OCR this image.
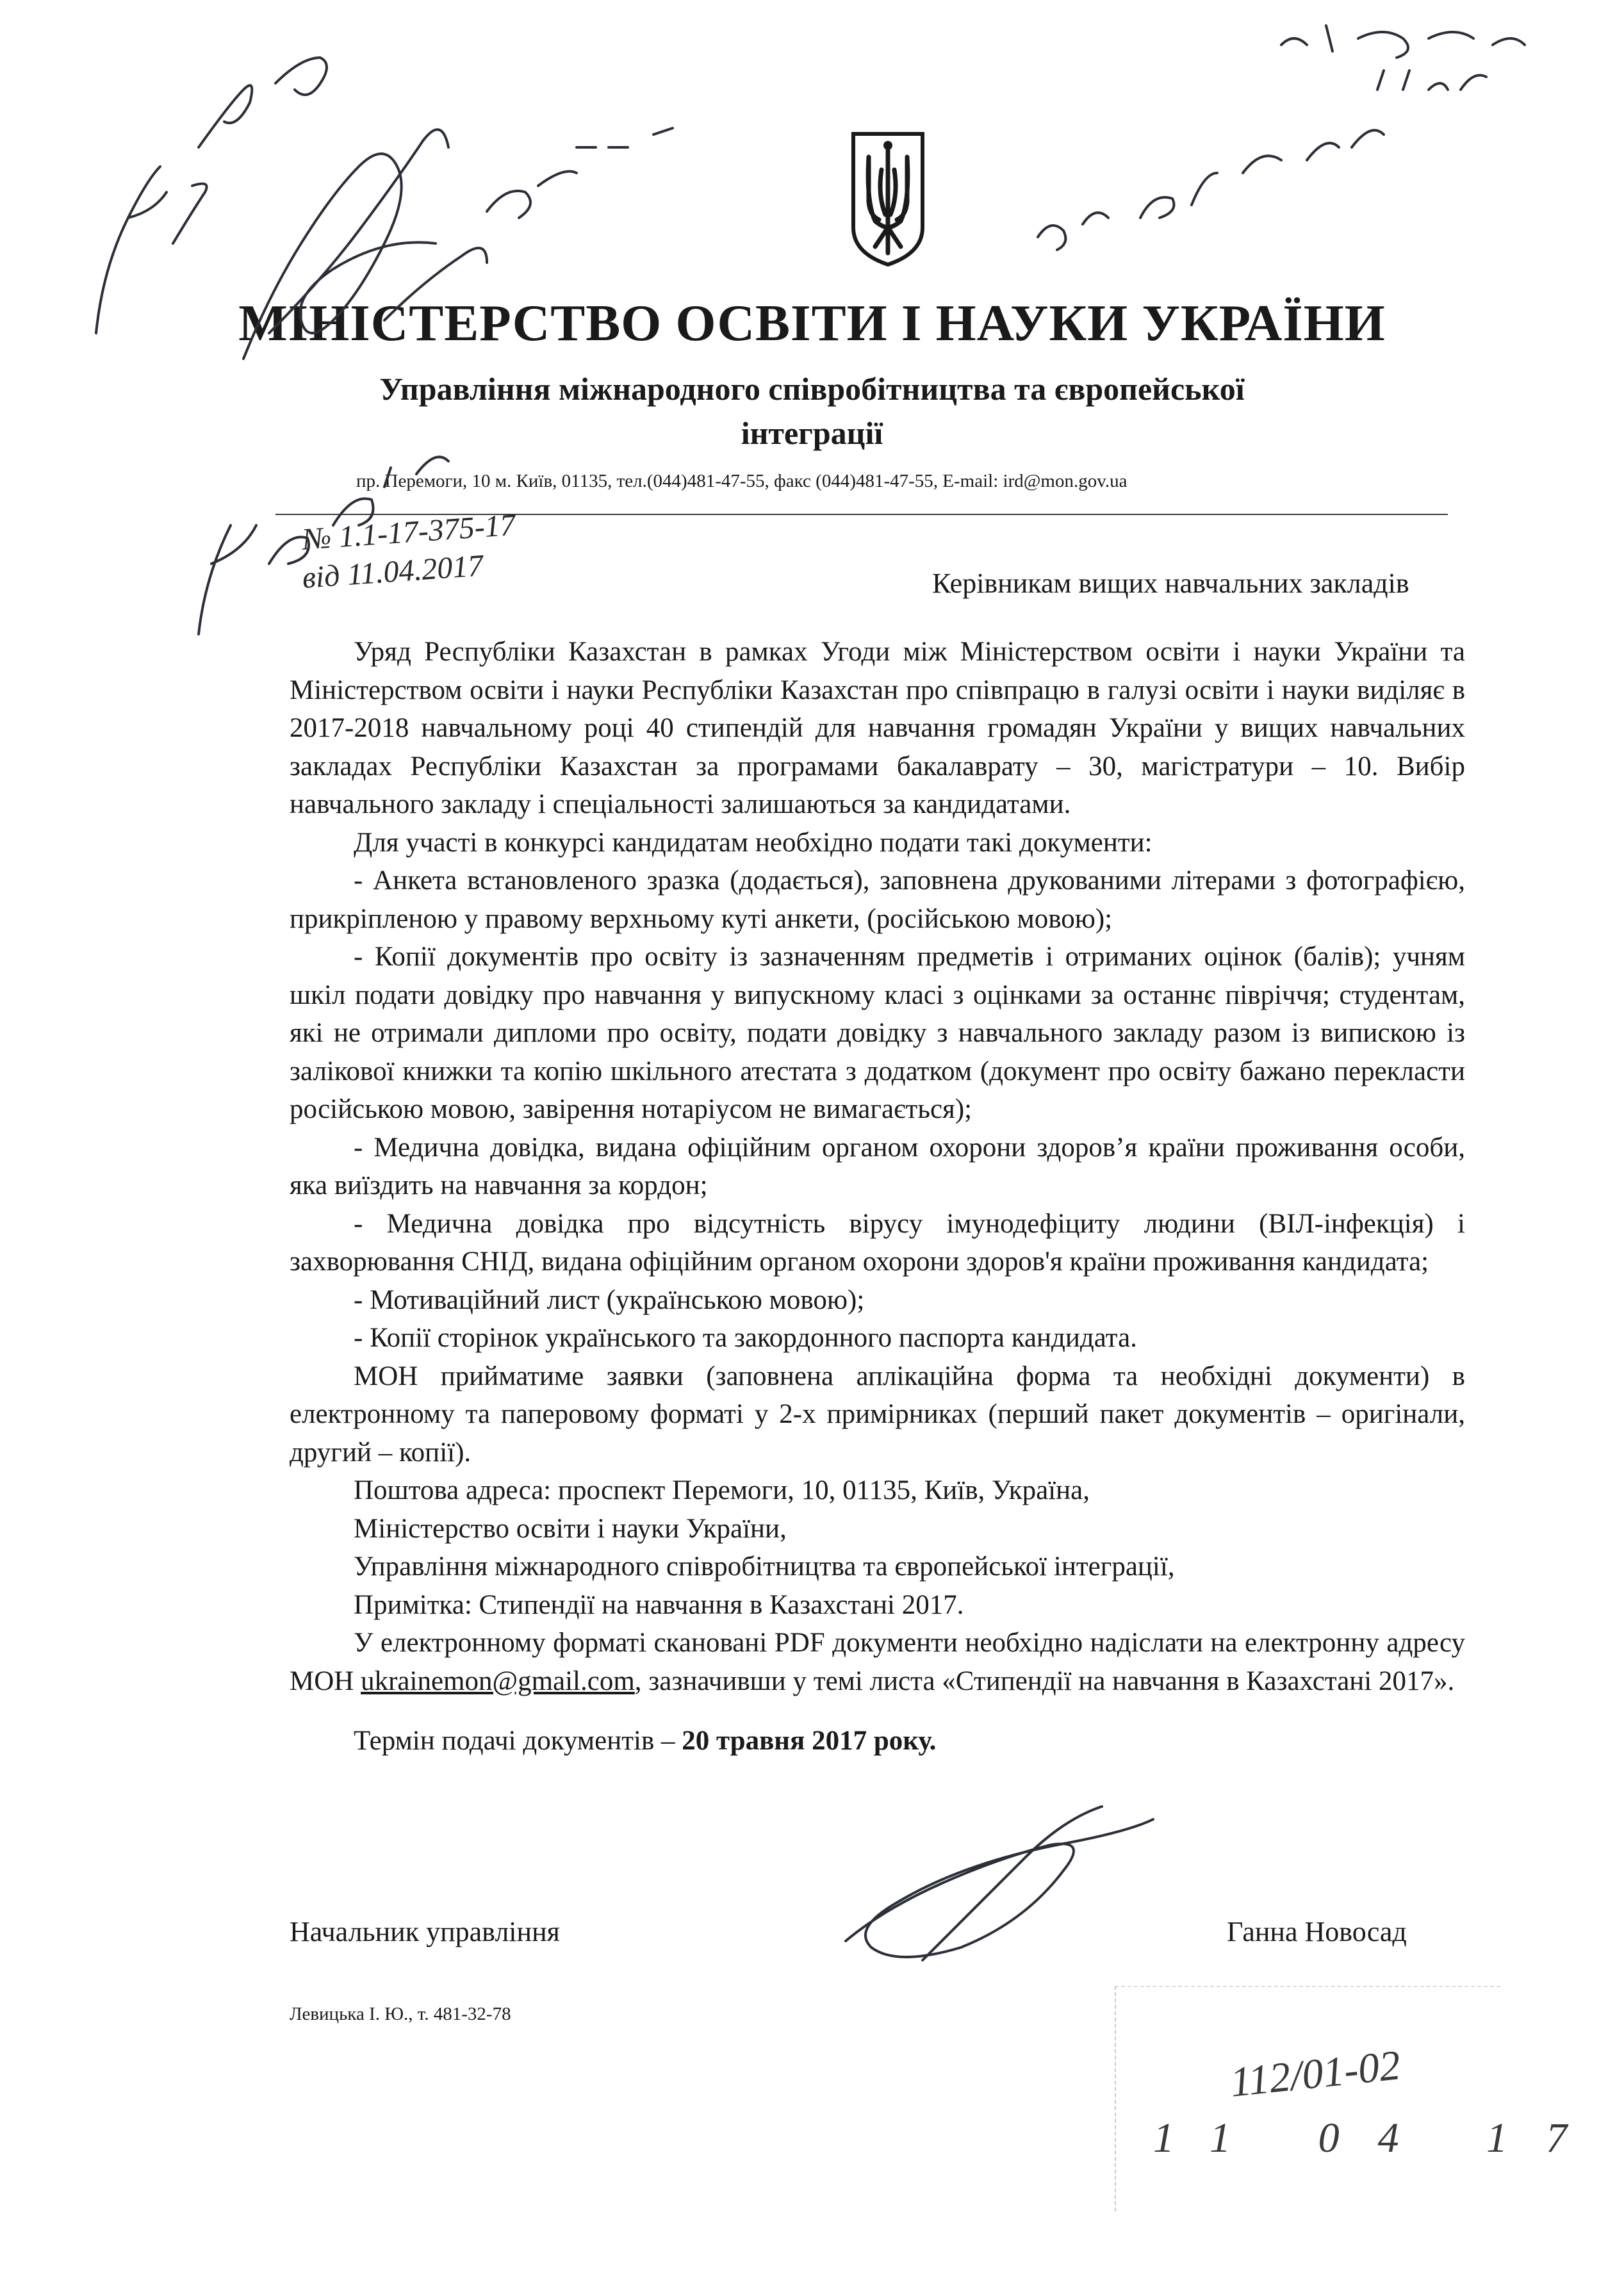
МІНІСТЕРСТВО ОСВІТИ І НАУКИ УКРАЇНИ
Управління міжнародного співробітництва та європейської
інтеграції
пр. Перемоги, 10 м. Київ, 01135, тел.(044)481-47-55, факс (044)481-47-55, E-mail: ird@mon.gov.ua
№ 1.1-17-375-17
від 11.04.2017	Керівникам вищих навчальних закладів

Уряд Республіки Казахстан в рамках Угоди між Міністерством освіти і науки України та Міністерством освіти і науки Республіки Казахстан про співпрацю в галузі освіти і науки виділяє в 2017-2018 навчальному році 40 стипендій для навчання громадян України у вищих навчальних закладах Республіки Казахстан за програмами бакалаврату – 30, магістратури – 10. Вибір навчального закладу і спеціальності залишаються за кандидатами.

Для участі в конкурсі кандидатам необхідно подати такі документи:

- Анкета встановленого зразка (додається), заповнена друкованими літерами з фотографією, прикріпленою у правому верхньому куті анкети, (російською мовою);

- Копії документів про освіту із зазначенням предметів і отриманих оцінок (балів); учням шкіл подати довідку про навчання у випускному класі з оцінками за останнє півріччя; студентам, які не отримали дипломи про освіту, подати довідку з навчального закладу разом із випискою із залікової книжки та копію шкільного атестата з додатком (документ про освіту бажано перекласти російською мовою, завірення нотаріусом не вимагається);

- Медична довідка, видана офіційним органом охорони здоров’я країни проживання особи, яка виїздить на навчання за кордон;

- Медична довідка про відсутність вірусу імунодефіциту людини (ВІЛ-інфекція) і захворювання СНІД, видана офіційним органом охорони здоров'я країни проживання кандидата;

- Мотиваційний лист (українською мовою);

- Копії сторінок українського та закордонного паспорта кандидата.

МОН прийматиме заявки (заповнена аплікаційна форма та необхідні документи) в електронному та паперовому форматі у 2-х примірниках (перший пакет документів – оригінали, другий – копії).

Поштова адреса: проспект Перемоги, 10, 01135, Київ, Україна,

Міністерство освіти і науки України,

Управління міжнародного співробітництва та європейської інтеграції,

Примітка: Стипендії на навчання в Казахстані 2017.

У електронному форматі скановані PDF документи необхідно надіслати на електронну адресу МОН ukrainemon@gmail.com, зазначивши у темі листа «Стипендії на навчання в Казахстані 2017».

Термін подачі документів – 20 травня 2017 року.

Начальник управління	Ганна Новосад
Левицька І. Ю., т. 481-32-78
112/01-02
11 04 17
